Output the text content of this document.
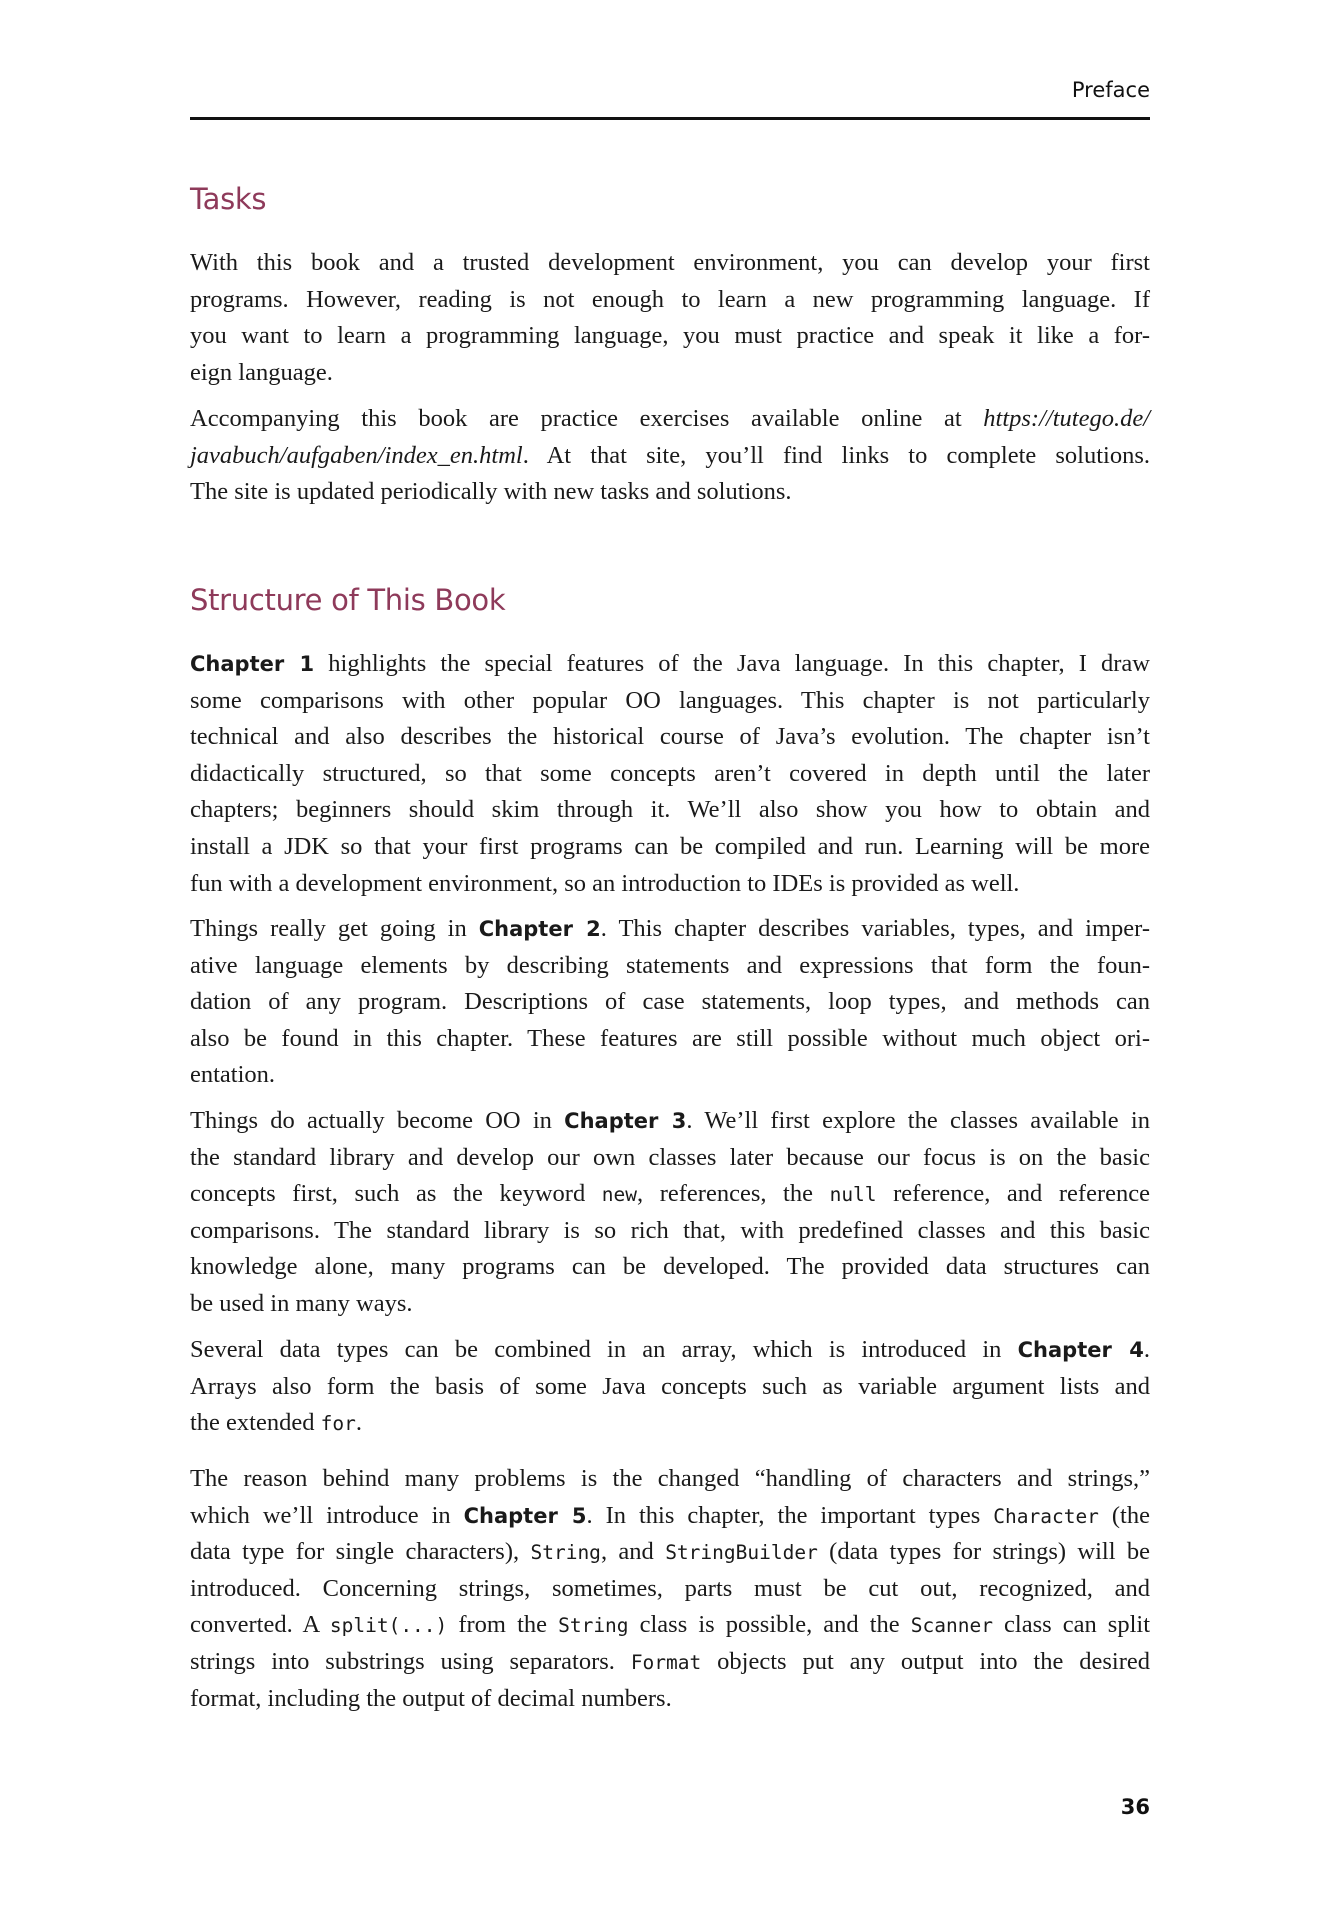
Preface
Tasks
With this book and a trusted development environment, you can develop your first
programs. However, reading is not enough to learn a new programming language. If
you want to learn a programming language, you must practice and speak it like a for-
eign language.
Accompanying this book are practice exercises available online at https://tutego.de/
javabuch/aufgaben/index_en.html. At that site, you’ll find links to complete solutions.
The site is updated periodically with new tasks and solutions.
Structure of This Book
Chapter 1 highlights the special features of the Java language. In this chapter, I draw
some comparisons with other popular OO languages. This chapter is not particularly
technical and also describes the historical course of Java’s evolution. The chapter isn’t
didactically structured, so that some concepts aren’t covered in depth until the later
chapters; beginners should skim through it. We’ll also show you how to obtain and
install a JDK so that your first programs can be compiled and run. Learning will be more
fun with a development environment, so an introduction to IDEs is provided as well.
Things really get going in Chapter 2. This chapter describes variables, types, and imper-
ative language elements by describing statements and expressions that form the foun-
dation of any program. Descriptions of case statements, loop types, and methods can
also be found in this chapter. These features are still possible without much object ori-
entation.
Things do actually become OO in Chapter 3. We’ll first explore the classes available in
the standard library and develop our own classes later because our focus is on the basic
concepts first, such as the keyword new, references, the null reference, and reference
comparisons. The standard library is so rich that, with predefined classes and this basic
knowledge alone, many programs can be developed. The provided data structures can
be used in many ways.
Several data types can be combined in an array, which is introduced in Chapter 4.
Arrays also form the basis of some Java concepts such as variable argument lists and
the extended for.
The reason behind many problems is the changed “handling of characters and strings,”
which we’ll introduce in Chapter 5. In this chapter, the important types Character (the
data type for single characters), String, and StringBuilder (data types for strings) will be
introduced. Concerning strings, sometimes, parts must be cut out, recognized, and
converted. A split(...) from the String class is possible, and the Scanner class can split
strings into substrings using separators. Format objects put any output into the desired
format, including the output of decimal numbers.
36
